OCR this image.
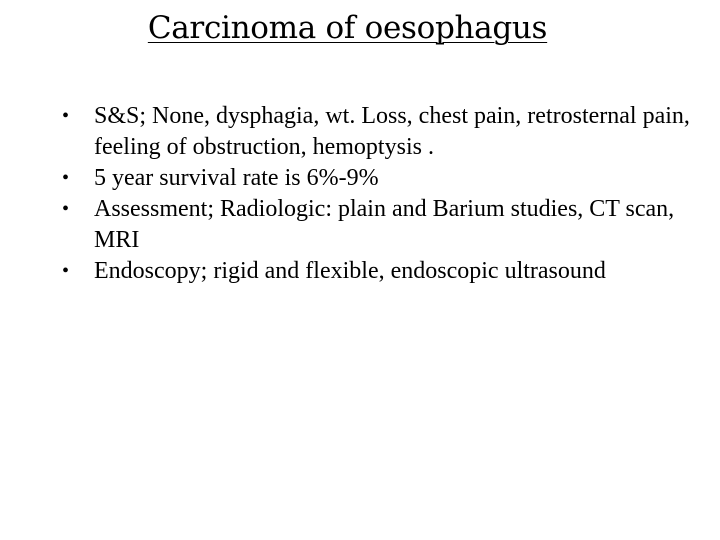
Carcinoma of oesophagus
•	S&S; None, dysphagia, wt. Loss, chest pain, retrosternal pain, feeling of obstruction, hemoptysis .
•	5 year survival rate is 6%-9%
•	Assessment; Radiologic: plain and Barium studies, CT scan, MRI
•	Endoscopy; rigid and flexible, endoscopic ultrasound
